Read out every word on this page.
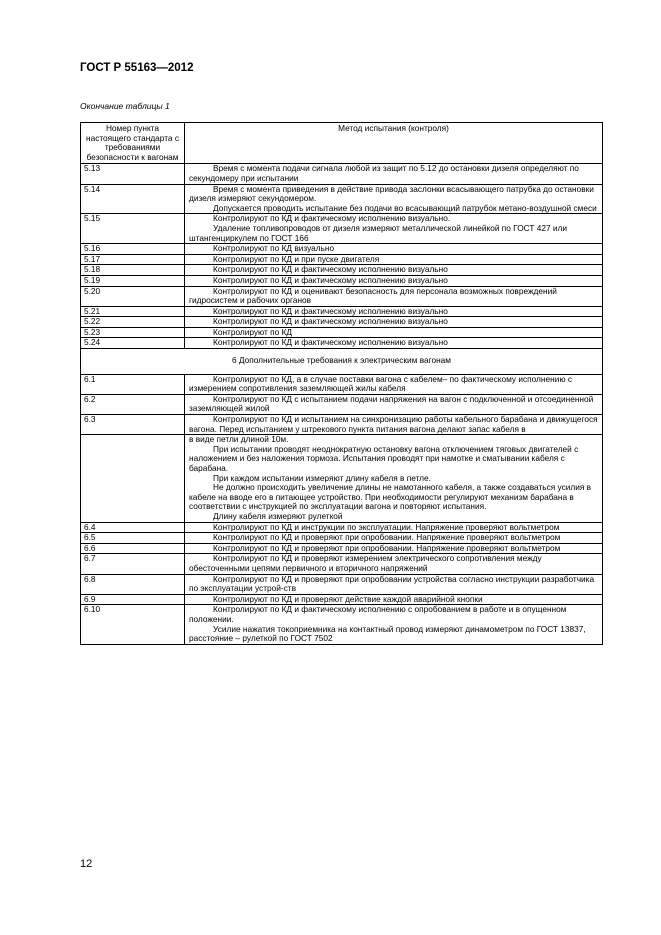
ГОСТ Р 55163—2012
Окончание таблицы 1
Номер пункта настоящего стандарта с требованиями безопасности к вагонам	Метод испытания (контроля)
5.13	Время с момента подачи сигнала любой из защит по 5.12 до остановки дизеля определяют по секундомеру при испытании

5.14	Время с момента приведения в действие привода заслонки всасывающего патрубка до остановки дизеля измеряют секундомером.

Допускается проводить испытание без подачи во всасывающий патрубок метано-воздушной смеси

5.15	Контролируют по КД и фактическому исполнению визуально.

Удаление топливопроводов от дизеля измеряют металлической линейкой по ГОСТ 427 или штангенциркулем по ГОСТ 166

5.16	Контролируют по КД визуально

5.17	Контролируют по КД и при пуске двигателя

5.18	Контролируют по КД и фактическому исполнению визуально

5.19	Контролируют по КД и фактическому исполнению визуально

5.20	Контролируют по КД и оценивают безопасность для персонала возможных повреждений гидросистем и рабочих органов

5.21	Контролируют по КД и фактическому исполнению визуально

5.22	Контролируют по КД и фактическому исполнению визуально

5.23	Контролируют по КД

5.24	Контролируют по КД и фактическому исполнению визуально

6 Дополнительные требования к электрическим вагонам	
6.1	Контролируют по КД, а в случае поставки вагона с кабелем– по фактическому исполнению с измерением сопротивления заземляющей жилы кабеля

6.2	Контролируют по КД с испытанием подачи напряжения на вагон с подключенной и отсоединенной заземляющей жилой

6.3	Контролируют по КД и испытанием на синхронизацию работы кабельного барабана и движущегося вагона. Перед испытанием у штрекового пункта питания вагона делают запас кабеля в

	в виде петли длиной 10м.

При испытании проводят неоднократную остановку вагона отключением тяговых двигателей с наложением и без наложения тормоза. Испытания проводят при намотке и сматывании кабеля с барабана.

При каждом испытании измеряют длину кабеля в петле.

Не должно происходить увеличение длины не намотанного кабеля, а также создаваться усилия в кабеле на вводе его в питающее устройство. При необходимости регулируют механизм барабана в соответствии с инструкцией по эксплуатации вагона и повторяют испытания.

Длину кабеля измеряют рулеткой

6.4	Контролируют по КД и инструкции по эксплуатации. Напряжение проверяют вольтметром

6.5	Контролируют по КД и проверяют при опробовании. Напряжение проверяют вольтметром

6.6	Контролируют по КД и проверяют при опробовании. Напряжение проверяют вольтметром

6.7	Контролируют по КД и проверяют измерением электрического сопротивления между обесточенными цепями первичного и вторичного напряжений

6.8	Контролируют по КД и проверяют при опробовании устройства согласно инструкции разработчика по эксплуатации устрой-ств

6.9	Контролируют по КД и проверяют действие каждой аварийной кнопки

6.10	Контролируют по КД и фактическому исполнению с опробованием в работе и в опущенном положении.

Усилие нажатия токоприемника на контактный провод измеряют динамометром по ГОСТ 13837, расстояние – рулеткой по ГОСТ 7502

12
